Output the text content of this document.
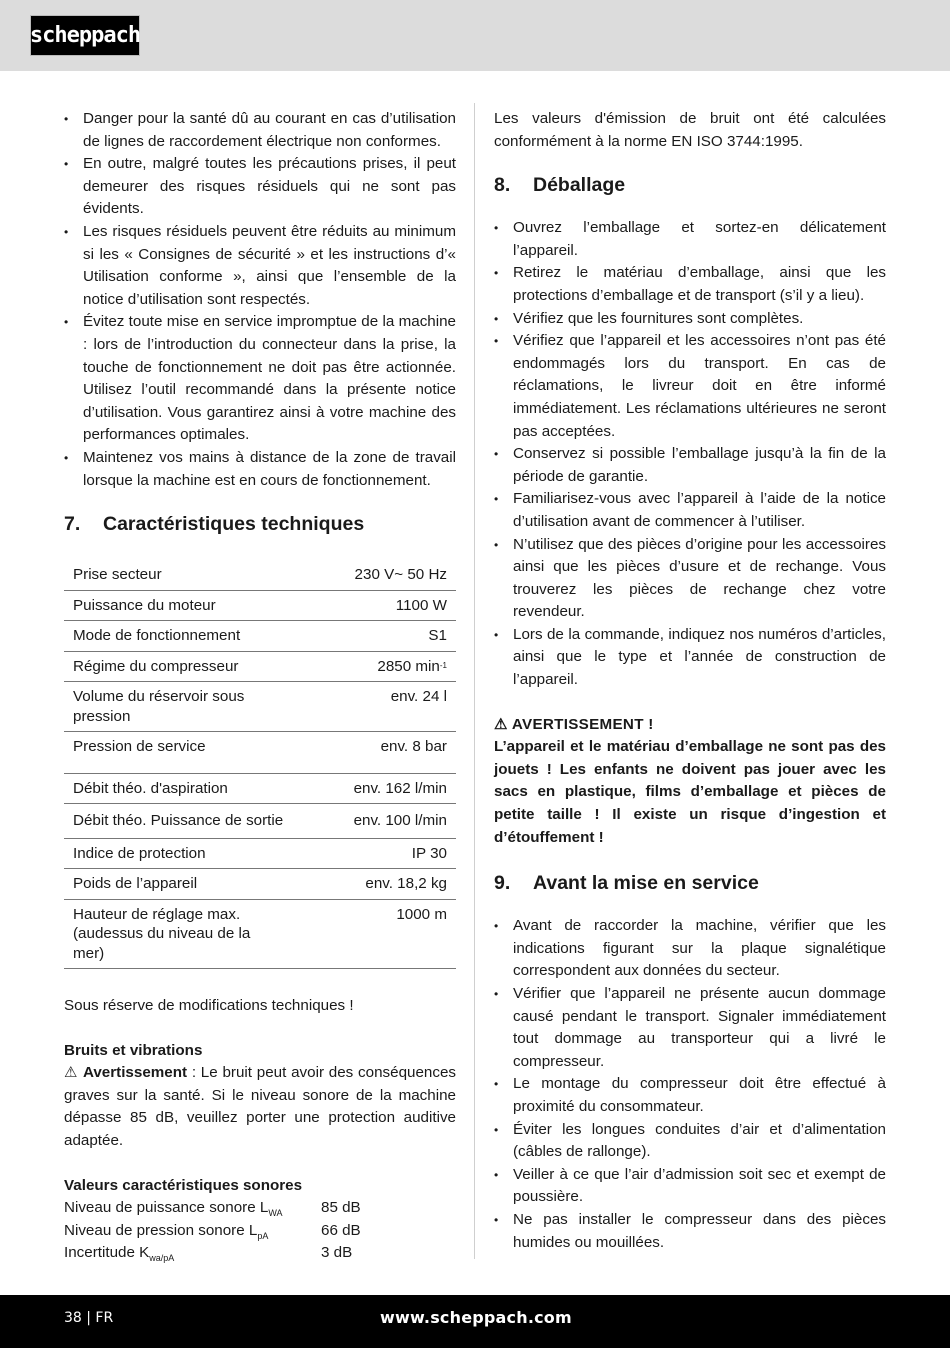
scheppach
• Danger pour la santé dû au courant en cas d’utilisation de lignes de raccordement électrique non conformes.
• En outre, malgré toutes les précautions prises, il peut demeurer des risques résiduels qui ne sont pas évidents.
• Les risques résiduels peuvent être réduits au minimum si les « Consignes de sécurité » et les instructions d’« Utilisation conforme », ainsi que l’ensemble de la notice d’utilisation sont respectés.
• Évitez toute mise en service impromptue de la machine : lors de l’introduction du connecteur dans la prise, la touche de fonctionnement ne doit pas être actionnée. Utilisez l’outil recommandé dans la présente notice d’utilisation. Vous garantirez ainsi à votre machine des performances optimales.
• Maintenez vos mains à distance de la zone de travail lorsque la machine est en cours de fonctionnement.
7.	Caractéristiques techniques
Prise secteur	230 V~ 50 Hz
Puissance du moteur	1100 W
Mode de fonctionnement	S1
Régime du compresseur	2850 $\min^{-1}$
Volume du réservoir sous pression	env. 24 l
Pression de service	env. 8 bar
Débit théo. d'aspiration	env. 162 l/min
Débit théo. Puissance de sortie	env. 100 l/min
Indice de protection	IP 30
Poids de l’appareil	env. 18,2 kg
Hauteur de réglage max. (audessus du niveau de la mer)	1000 m

Sous réserve de modifications techniques !

Bruits et vibrations

⚠ Avertissement : Le bruit peut avoir des conséquences graves sur la santé. Si le niveau sonore de la machine dépasse 85 dB, veuillez porter une protection auditive adaptée.

Valeurs caractéristiques sonores

Niveau de puissance sonore $L_{WA}$	85 dB
Niveau de pression sonore $L_{pA}$	66 dB
Incertitude $K_{wa/pA}$	3 dB

Les valeurs d'émission de bruit ont été calculées conformément à la norme EN ISO 3744:1995.

8.	Déballage
• Ouvrez l’emballage et sortez-en délicatement l’appareil.
• Retirez le matériau d’emballage, ainsi que les protections d’emballage et de transport (s’il y a lieu).
• Vérifiez que les fournitures sont complètes.
• Vérifiez que l’appareil et les accessoires n’ont pas été endommagés lors du transport. En cas de réclamations, le livreur doit en être informé immédiatement. Les réclamations ultérieures ne seront pas acceptées.
• Conservez si possible l’emballage jusqu’à la fin de la période de garantie.
• Familiarisez-vous avec l’appareil à l’aide de la notice d’utilisation avant de commencer à l’utiliser.
• N’utilisez que des pièces d’origine pour les accessoires ainsi que les pièces d’usure et de rechange. Vous trouverez les pièces de rechange chez votre revendeur.
• Lors de la commande, indiquez nos numéros d’articles, ainsi que le type et l’année de construction de l’appareil.

⚠ AVERTISSEMENT !

L’appareil et le matériau d’emballage ne sont pas des jouets ! Les enfants ne doivent pas jouer avec les sacs en plastique, films d’emballage et pièces de petite taille ! Il existe un risque d’ingestion et d’étouffement !

9.	Avant la mise en service
• Avant de raccorder la machine, vérifier que les indications figurant sur la plaque signalétique correspondent aux données du secteur.
• Vérifier que l’appareil ne présente aucun dommage causé pendant le transport. Signaler immédiatement tout dommage au transporteur qui a livré le compresseur.
• Le montage du compresseur doit être effectué à proximité du consommateur.
• Éviter les longues conduites d’air et d’alimentation (câbles de rallonge).
• Veiller à ce que l’air d’admission soit sec et exempt de poussière.
• Ne pas installer le compresseur dans des pièces humides ou mouillées.
38 | FR	www.scheppach.com
